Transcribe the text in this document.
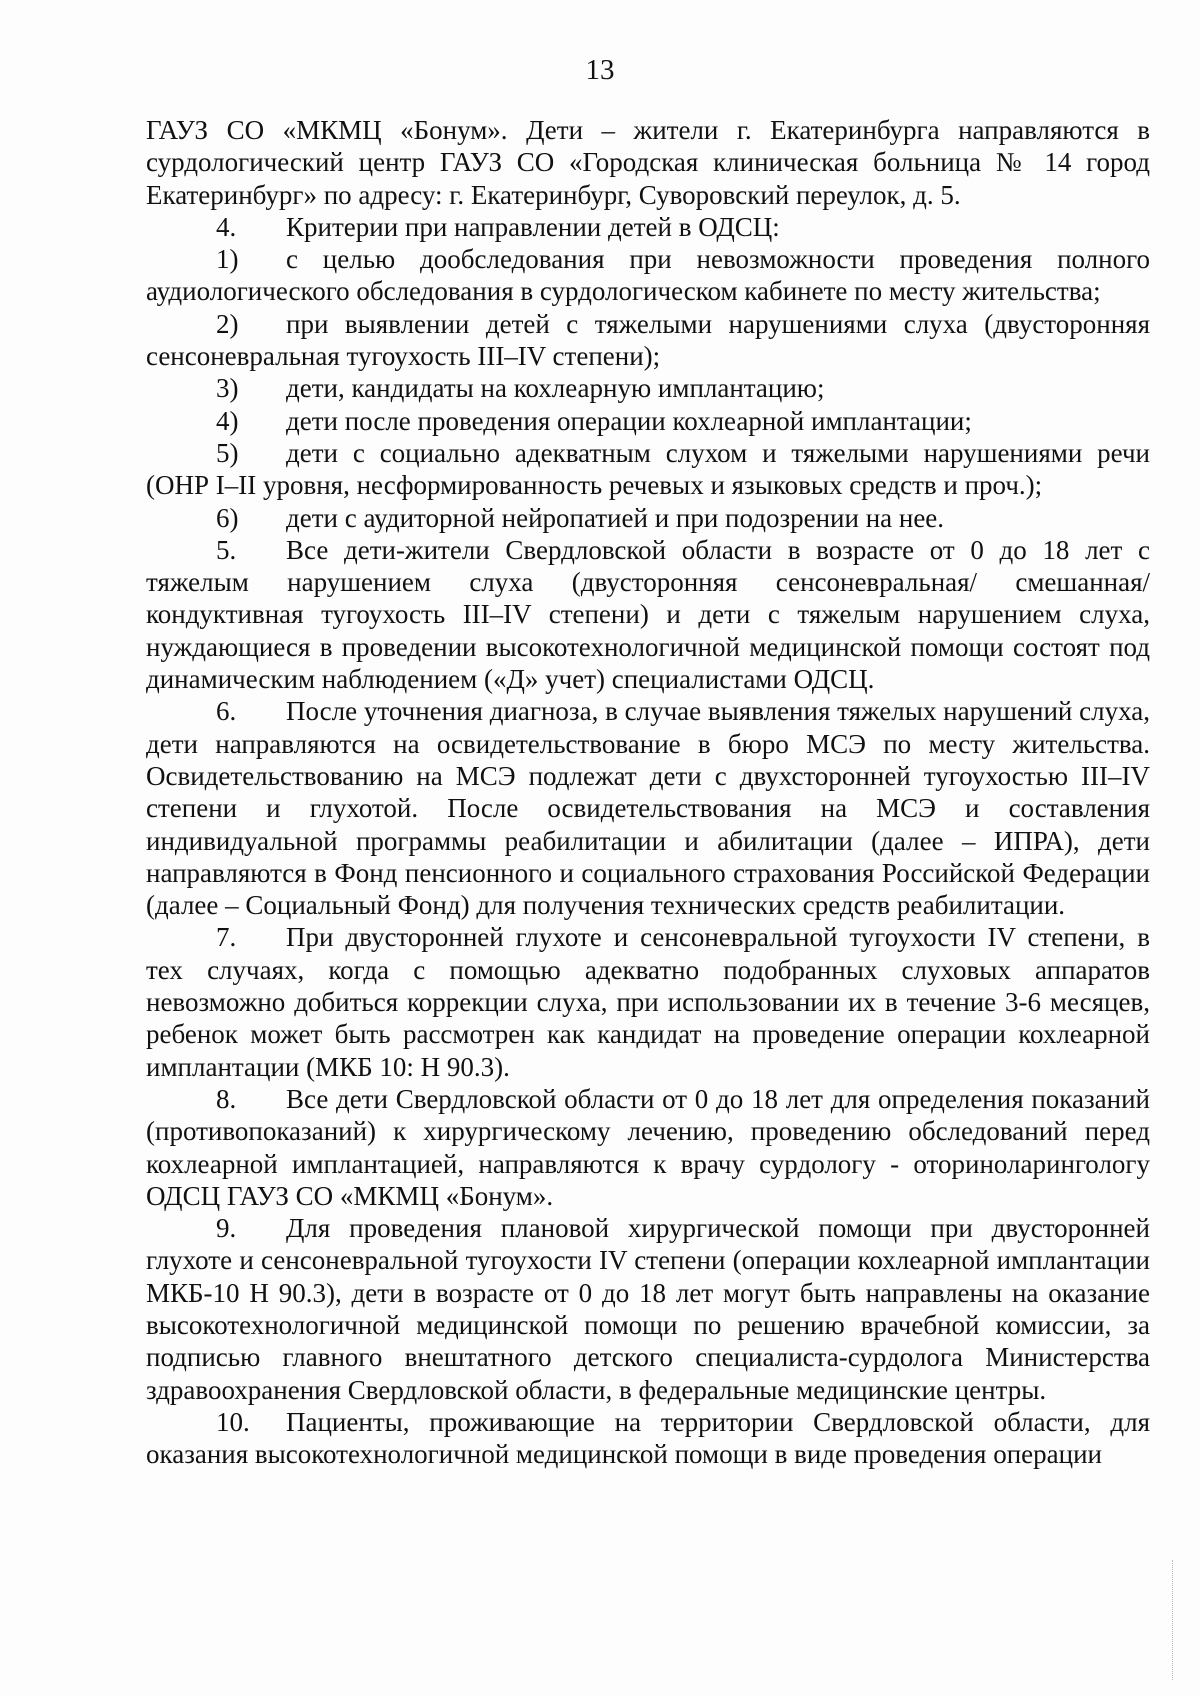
13

ГАУЗ СО «МКМЦ «Бонум». Дети – жители г. Екатеринбурга направляются в сурдологический центр ГАУЗ СО «Городская клиническая больница № 14 город Екатеринбург» по адресу: г. Екатеринбург, Суворовский переулок, д. 5.

4. Критерии при направлении детей в ОДСЦ:

1) с целью дообследования при невозможности проведения полного аудиологического обследования в сурдологическом кабинете по месту жительства;

2) при выявлении детей с тяжелыми нарушениями слуха (двусторонняя сенсоневральная тугоухость III–IV степени);

3) дети, кандидаты на кохлеарную имплантацию;

4) дети после проведения операции кохлеарной имплантации;

5) дети с социально адекватным слухом и тяжелыми нарушениями речи (ОНР I–II уровня, несформированность речевых и языковых средств и проч.);

6) дети с аудиторной нейропатией и при подозрении на нее.

5. Все дети-жители Свердловской области в возрасте от 0 до 18 лет с тяжелым нарушением слуха (двусторонняя сенсоневральная/ смешанная/ кондуктивная тугоухость III–IV степени) и дети с тяжелым нарушением слуха, нуждающиеся в проведении высокотехнологичной медицинской помощи состоят под динамическим наблюдением («Д» учет) специалистами ОДСЦ.

6. После уточнения диагноза, в случае выявления тяжелых нарушений слуха, дети направляются на освидетельствование в бюро МСЭ по месту жительства. Освидетельствованию на МСЭ подлежат дети с двухсторонней тугоухостью III–IV степени и глухотой. После освидетельствования на МСЭ и составления индивидуальной программы реабилитации и абилитации (далее – ИПРА), дети направляются в Фонд пенсионного и социального страхования Российской Федерации (далее – Социальный Фонд) для получения технических средств реабилитации.

7. При двусторонней глухоте и сенсоневральной тугоухости IV степени, в тех случаях, когда с помощью адекватно подобранных слуховых аппаратов невозможно добиться коррекции слуха, при использовании их в течение 3-6 месяцев, ребенок может быть рассмотрен как кандидат на проведение операции кохлеарной имплантации (МКБ 10: Н 90.3).

8. Все дети Свердловской области от 0 до 18 лет для определения показаний (противопоказаний) к хирургическому лечению, проведению обследований перед кохлеарной имплантацией, направляются к врачу сурдологу - оториноларингологу ОДСЦ ГАУЗ СО «МКМЦ «Бонум».

9. Для проведения плановой хирургической помощи при двусторонней глухоте и сенсоневральной тугоухости IV степени (операции кохлеарной имплантации МКБ-10 Н 90.3), дети в возрасте от 0 до 18 лет могут быть направлены на оказание высокотехнологичной медицинской помощи по решению врачебной комиссии, за подписью главного внештатного детского специалиста-сурдолога Министерства здравоохранения Свердловской области, в федеральные медицинские центры.

10. Пациенты, проживающие на территории Свердловской области, для оказания высокотехнологичной медицинской помощи в виде проведения операции
